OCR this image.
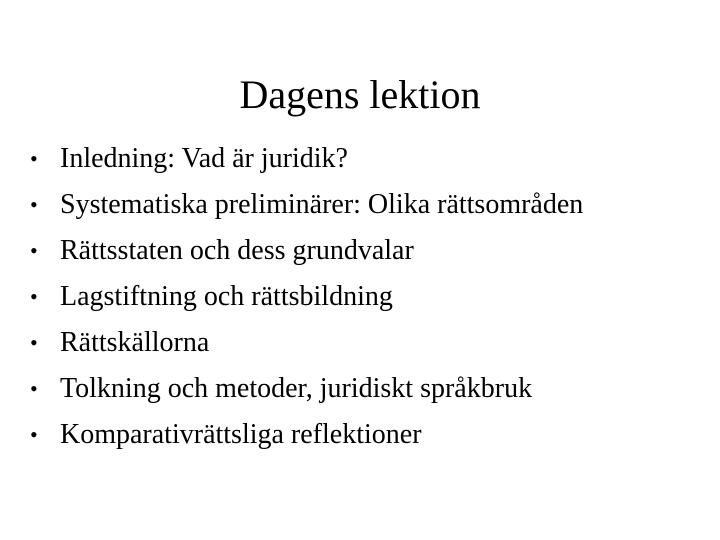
Dagens lektion
• Inledning: Vad är juridik?
• Systematiska preliminärer: Olika rättsområden
• Rättsstaten och dess grundvalar
• Lagstiftning och rättsbildning
• Rättskällorna
• Tolkning och metoder, juridiskt språkbruk
• Komparativrättsliga reflektioner
